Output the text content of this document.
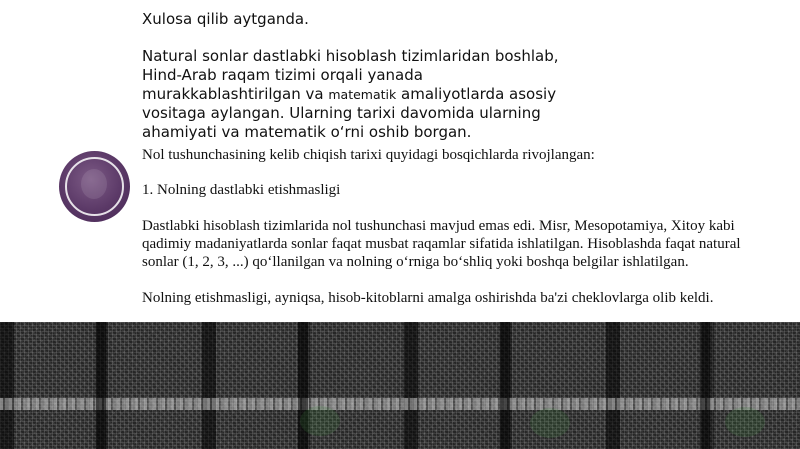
Xulosa qilib aytganda.

Natural sonlar dastlabki hisoblash tizimlaridan boshlab, Hind-Arab raqam tizimi orqali yanada murakkablashtirilgan va matematik amaliyotlarda asosiy vositaga aylangan. Ularning tarixi davomida ularning ahamiyati va matematik o‘rni oshib borgan.

Nol tushunchasining kelib chiqish tarixi quyidagi bosqichlarda rivojlangan:

1. Nolning dastlabki etishmasligi

Dastlabki hisoblash tizimlarida nol tushunchasi mavjud emas edi. Misr, Mesopotamiya, Xitoy kabi qadimiy madaniyatlarda sonlar faqat musbat raqamlar sifatida ishlatilgan. Hisoblashda faqat natural sonlar (1, 2, 3, ...) qo‘llanilgan va nolning o‘rniga bo‘shliq yoki boshqa belgilar ishlatilgan.

Nolning etishmasligi, ayniqsa, hisob-kitoblarni amalga oshirishda ba'zi cheklovlarga olib keldi.
